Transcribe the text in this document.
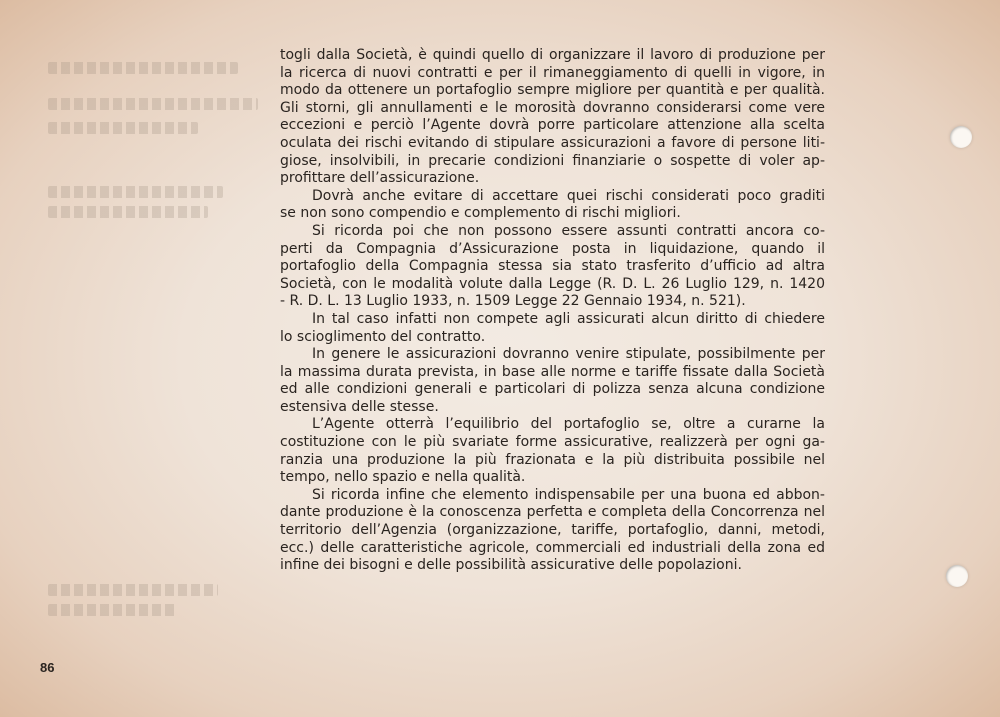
togli dalla Società, è quindi quello di organizzare il lavoro di produzione per

la ricerca di nuovi contratti e per il rimaneggiamento di quelli in vigore, in

modo da ottenere un portafoglio sempre migliore per quantità e per qualità.

Gli storni, gli annullamenti e le morosità dovranno considerarsi come vere

eccezioni e perciò l’Agente dovrà porre particolare attenzione alla scelta

oculata dei rischi evitando di stipulare assicurazioni a favore di persone liti-

giose, insolvibili, in precarie condizioni finanziarie o sospette di voler ap-

profittare dell’assicurazione.

Dovrà anche evitare di accettare quei rischi considerati poco graditi

se non sono compendio e complemento di rischi migliori.

Si ricorda poi che non possono essere assunti contratti ancora co-

perti da Compagnia d’Assicurazione posta in liquidazione, quando il

portafoglio della Compagnia stessa sia stato trasferito d’ufficio ad altra

Società, con le modalità volute dalla Legge (R. D. L. 26 Luglio 129, n. 1420

- R. D. L. 13 Luglio 1933, n. 1509 Legge 22 Gennaio 1934, n. 521).

In tal caso infatti non compete agli assicurati alcun diritto di chiedere

lo scioglimento del contratto.

In genere le assicurazioni dovranno venire stipulate, possibilmente per

la massima durata prevista, in base alle norme e tariffe fissate dalla Società

ed alle condizioni generali e particolari di polizza senza alcuna condizione

estensiva delle stesse.

L’Agente otterrà l’equilibrio del portafoglio se, oltre a curarne la

costituzione con le più svariate forme assicurative, realizzerà per ogni ga-

ranzia una produzione la più frazionata e la più distribuita possibile nel

tempo, nello spazio e nella qualità.

Si ricorda infine che elemento indispensabile per una buona ed abbon-

dante produzione è la conoscenza perfetta e completa della Concorrenza nel

territorio dell’Agenzia (organizzazione, tariffe, portafoglio, danni, metodi,

ecc.) delle caratteristiche agricole, commerciali ed industriali della zona ed

infine dei bisogni e delle possibilità assicurative delle popolazioni.

86
